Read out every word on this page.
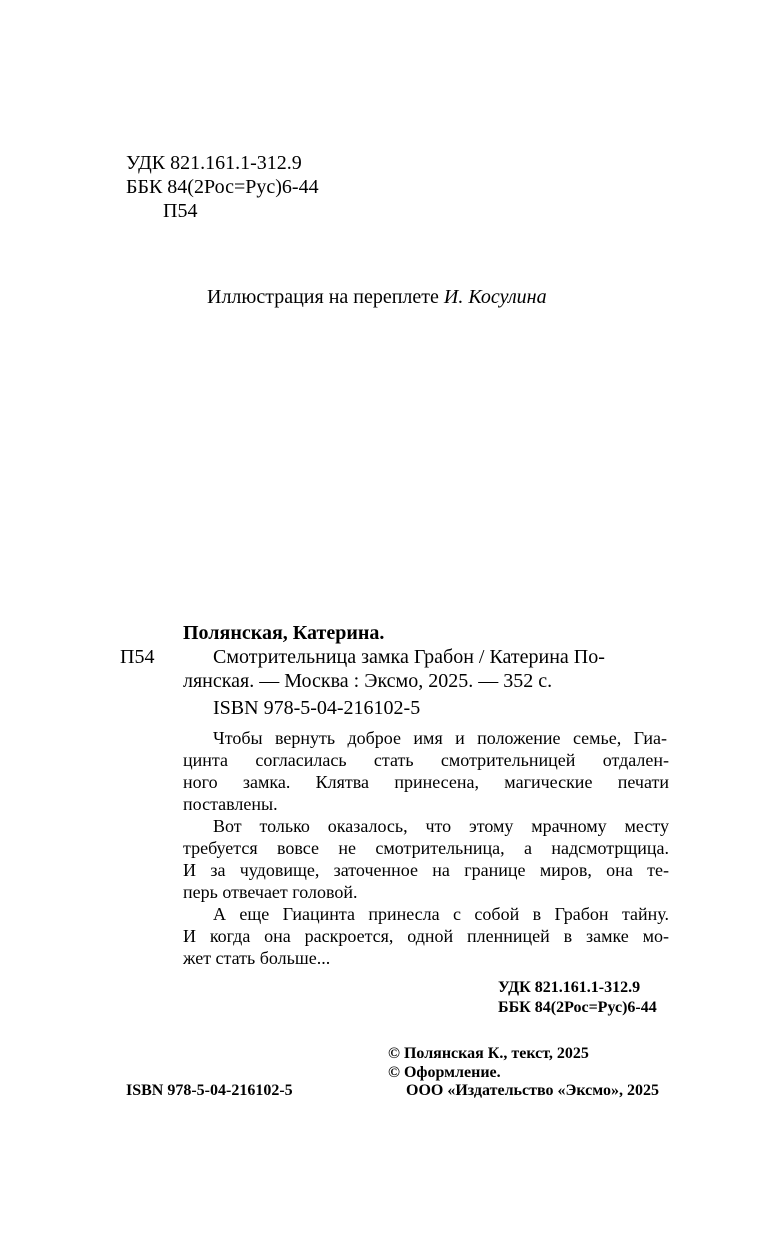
УДК 821.161.1-312.9
ББК 84(2Рос=Рус)6-44
П54
Иллюстрация на переплете И. Косулина
Полянская, Катерина.
П54	Смотрительница замка Грабон / Катерина По-
лянская. — Москва : Эксмо, 2025. — 352 с.
ISBN 978-5-04-216102-5
Чтобы вернуть доброе имя и положение семье, Гиа-
цинта согласилась стать смотрительницей отдален-
ного замка. Клятва принесена, магические печати
поставлены.
Вот только оказалось, что этому мрачному месту
требуется вовсе не смотрительница, а надсмотрщица.
И за чудовище, заточенное на границе миров, она те-
перь отвечает головой.
А еще Гиацинта принесла с собой в Грабон тайну.
И когда она раскроется, одной пленницей в замке мо-
жет стать больше...
УДК 821.161.1-312.9
ББК 84(2Рос=Рус)6-44
© Полянская К., текст, 2025
© Оформление.
ISBN 978-5-04-216102-5	ООО «Издательство «Эксмо», 2025
